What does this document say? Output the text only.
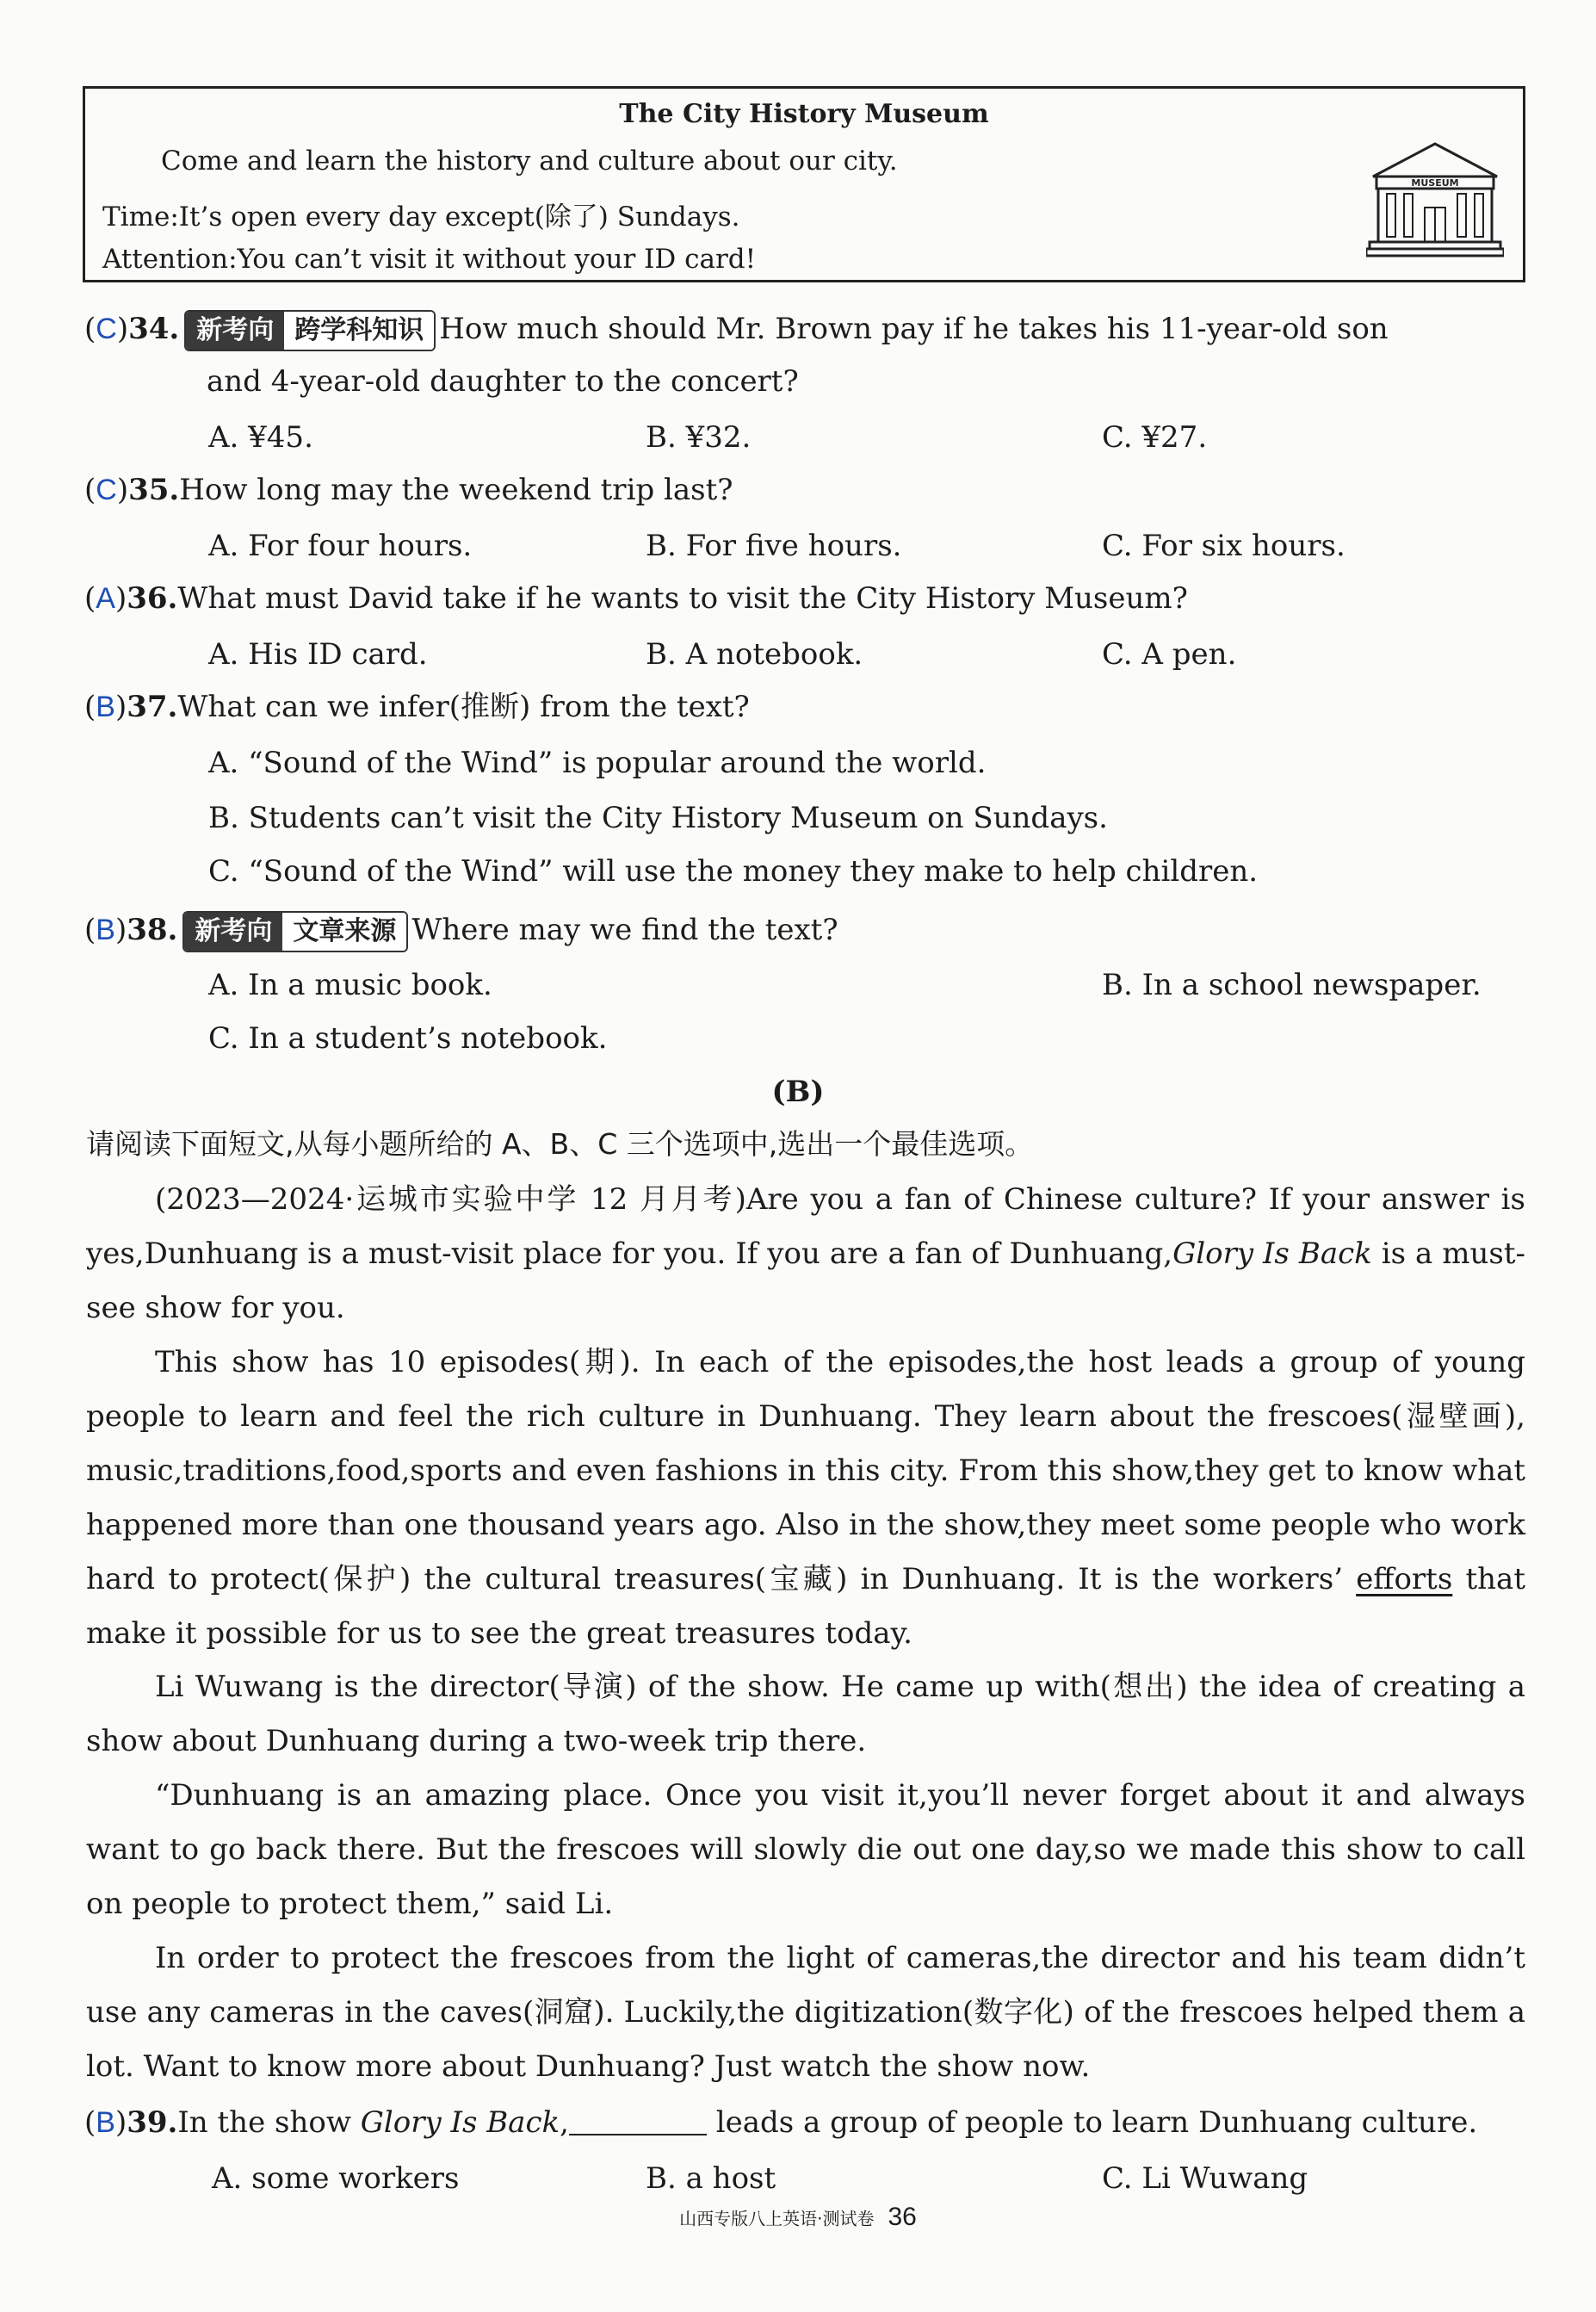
The City History Museum
Come and learn the history and culture about our city.
Time:It’s open every day except(除了) Sundays.
Attention:You can’t visit it without your ID card!
MUSEUM
(C)34. 新考向 跨学科知识 How much should Mr. Brown pay if he takes his 11-year-old son
and 4-year-old daughter to the concert?
A. ¥45.	B. ¥32.	C. ¥27.
(C)35.How long may the weekend trip last?
A. For four hours.	B. For five hours.	C. For six hours.
(A)36.What must David take if he wants to visit the City History Museum?
A. His ID card.	B. A notebook.	C. A pen.
(B)37.What can we infer(推断) from the text?
A. “Sound of the Wind” is popular around the world.
B. Students can’t visit the City History Museum on Sundays.
C. “Sound of the Wind” will use the money they make to help children.
(B)38. 新考向 文章来源 Where may we find the text?
A. In a music book.	B. In a school newspaper.
C. In a student’s notebook.
(B)
请阅读下面短文,从每小题所给的 A、B、C 三个选项中,选出一个最佳选项。

(2023—2024·运城市实验中学 12 月月考)Are you a fan of Chinese culture? If your answer is yes,Dunhuang is a must-visit place for you. If you are a fan of Dunhuang,Glory Is Back is a must-see show for you.

This show has 10 episodes(期). In each of the episodes,the host leads a group of young people to learn and feel the rich culture in Dunhuang. They learn about the frescoes(湿壁画), music,traditions,food,sports and even fashions in this city. From this show,they get to know what happened more than one thousand years ago. Also in the show,they meet some people who work hard to protect(保护) the cultural treasures(宝藏) in Dunhuang. It is the workers’ efforts that make it possible for us to see the great treasures today.

Li Wuwang is the director(导演) of the show. He came up with(想出) the idea of creating a show about Dunhuang during a two-week trip there.

“Dunhuang is an amazing place. Once you visit it,you’ll never forget about it and always want to go back there. But the frescoes will slowly die out one day,so we made this show to call on people to protect them,” said Li.

In order to protect the frescoes from the light of cameras,the director and his team didn’t use any cameras in the caves(洞窟). Luckily,the digitization(数字化) of the frescoes helped them a lot. Want to know more about Dunhuang? Just watch the show now.

(B)39.In the show Glory Is Back,	leads a group of people to learn Dunhuang culture.
A. some workers	B. a host	C. Li Wuwang
山西专版八上英语·测试卷 36
